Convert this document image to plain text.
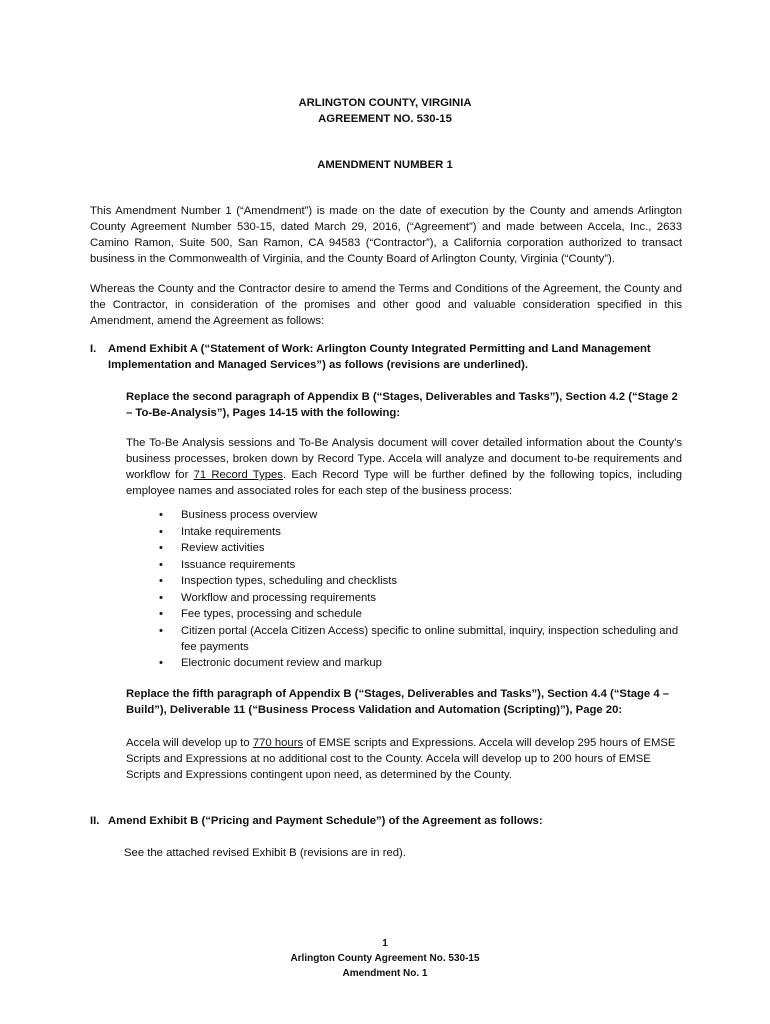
ARLINGTON COUNTY, VIRGINIA
AGREEMENT NO. 530-15
AMENDMENT NUMBER 1
This Amendment Number 1 (“Amendment”) is made on the date of execution by the County and amends Arlington County Agreement Number 530-15, dated March 29, 2016, (“Agreement”) and made between Accela, Inc., 2633 Camino Ramon, Suite 500, San Ramon, CA 94583 (“Contractor”), a California corporation authorized to transact business in the Commonwealth of Virginia, and the County Board of Arlington County, Virginia (“County”).
Whereas the County and the Contractor desire to amend the Terms and Conditions of the Agreement, the County and the Contractor, in consideration of the promises and other good and valuable consideration specified in this Amendment, amend the Agreement as follows:
I.	Amend Exhibit A (“Statement of Work: Arlington County Integrated Permitting and Land Management Implementation and Managed Services”) as follows (revisions are underlined).
Replace the second paragraph of Appendix B (“Stages, Deliverables and Tasks”), Section 4.2 (“Stage 2 – To-Be-Analysis”), Pages 14-15 with the following:
The To-Be Analysis sessions and To-Be Analysis document will cover detailed information about the County’s business processes, broken down by Record Type. Accela will analyze and document to-be requirements and workflow for 71 Record Types. Each Record Type will be further defined by the following topics, including employee names and associated roles for each step of the business process:
• Business process overview
• Intake requirements
• Review activities
• Issuance requirements
• Inspection types, scheduling and checklists
• Workflow and processing requirements
• Fee types, processing and schedule
• Citizen portal (Accela Citizen Access) specific to online submittal, inquiry, inspection scheduling and fee payments
• Electronic document review and markup
Replace the fifth paragraph of Appendix B (“Stages, Deliverables and Tasks”), Section 4.4 (“Stage 4 – Build”), Deliverable 11 (“Business Process Validation and Automation (Scripting)”), Page 20:
Accela will develop up to 770 hours of EMSE scripts and Expressions. Accela will develop 295 hours of EMSE Scripts and Expressions at no additional cost to the County. Accela will develop up to 200 hours of EMSE Scripts and Expressions contingent upon need, as determined by the County.
II. Amend Exhibit B (“Pricing and Payment Schedule”) of the Agreement as follows:
See the attached revised Exhibit B (revisions are in red).
1
Arlington County Agreement No. 530-15
Amendment No. 1
